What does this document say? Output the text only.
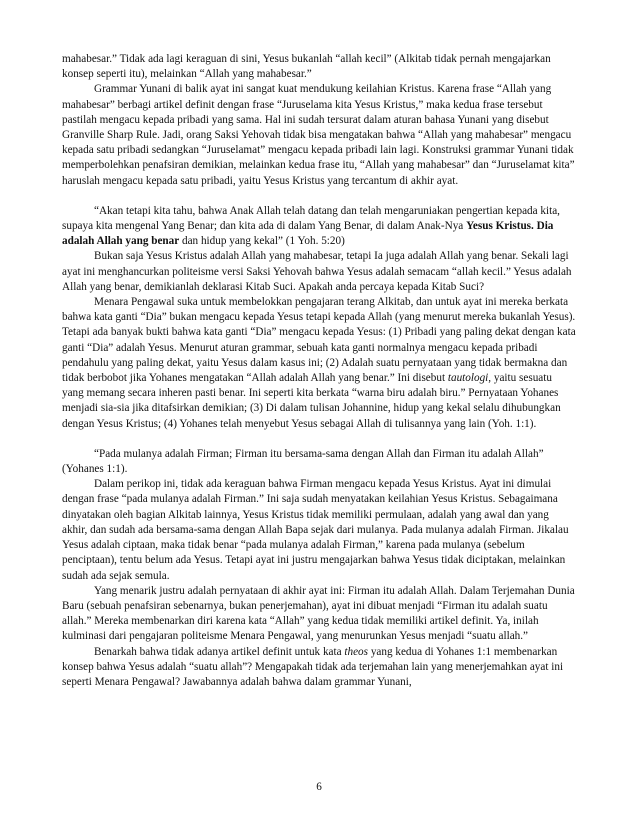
mahabesar.” Tidak ada lagi keraguan di sini, Yesus bukanlah “allah kecil” (Alkitab tidak pernah mengajarkan konsep seperti itu), melainkan “Allah yang mahabesar.”

Grammar Yunani di balik ayat ini sangat kuat mendukung keilahian Kristus. Karena frase “Allah yang mahabesar” berbagi artikel definit dengan frase “Juruselama kita Yesus Kristus,” maka kedua frase tersebut pastilah mengacu kepada pribadi yang sama. Hal ini sudah tersurat dalam aturan bahasa Yunani yang disebut Granville Sharp Rule. Jadi, orang Saksi Yehovah tidak bisa mengatakan bahwa “Allah yang mahabesar” mengacu kepada satu pribadi sedangkan “Juruselamat” mengacu kepada pribadi lain lagi. Konstruksi grammar Yunani tidak memperbolehkan penafsiran demikian, melainkan kedua frase itu, “Allah yang mahabesar” dan “Juruselamat kita” haruslah mengacu kepada satu pribadi, yaitu Yesus Kristus yang tercantum di akhir ayat.

“Akan tetapi kita tahu, bahwa Anak Allah telah datang dan telah mengaruniakan pengertian kepada kita, supaya kita mengenal Yang Benar; dan kita ada di dalam Yang Benar, di dalam Anak-Nya Yesus Kristus. Dia adalah Allah yang benar dan hidup yang kekal” (1 Yoh. 5:20)

Bukan saja Yesus Kristus adalah Allah yang mahabesar, tetapi Ia juga adalah Allah yang benar. Sekali lagi ayat ini menghancurkan politeisme versi Saksi Yehovah bahwa Yesus adalah semacam “allah kecil.” Yesus adalah Allah yang benar, demikianlah deklarasi Kitab Suci. Apakah anda percaya kepada Kitab Suci?

Menara Pengawal suka untuk membelokkan pengajaran terang Alkitab, dan untuk ayat ini mereka berkata bahwa kata ganti “Dia” bukan mengacu kepada Yesus tetapi kepada Allah (yang menurut mereka bukanlah Yesus). Tetapi ada banyak bukti bahwa kata ganti “Dia” mengacu kepada Yesus: (1) Pribadi yang paling dekat dengan kata ganti “Dia” adalah Yesus. Menurut aturan grammar, sebuah kata ganti normalnya mengacu kepada pribadi pendahulu yang paling dekat, yaitu Yesus dalam kasus ini; (2) Adalah suatu pernyataan yang tidak bermakna dan tidak berbobot jika Yohanes mengatakan “Allah adalah Allah yang benar.” Ini disebut tautologi, yaitu sesuatu yang memang secara inheren pasti benar. Ini seperti kita berkata “warna biru adalah biru.” Pernyataan Yohanes menjadi sia-sia jika ditafsirkan demikian; (3) Di dalam tulisan Johannine, hidup yang kekal selalu dihubungkan dengan Yesus Kristus; (4) Yohanes telah menyebut Yesus sebagai Allah di tulisannya yang lain (Yoh. 1:1).

“Pada mulanya adalah Firman; Firman itu bersama-sama dengan Allah dan Firman itu adalah Allah” (Yohanes 1:1).

Dalam perikop ini, tidak ada keraguan bahwa Firman mengacu kepada Yesus Kristus. Ayat ini dimulai dengan frase “pada mulanya adalah Firman.” Ini saja sudah menyatakan keilahian Yesus Kristus. Sebagaimana dinyatakan oleh bagian Alkitab lainnya, Yesus Kristus tidak memiliki permulaan, adalah yang awal dan yang akhir, dan sudah ada bersama-sama dengan Allah Bapa sejak dari mulanya. Pada mulanya adalah Firman. Jikalau Yesus adalah ciptaan, maka tidak benar “pada mulanya adalah Firman,” karena pada mulanya (sebelum penciptaan), tentu belum ada Yesus. Tetapi ayat ini justru mengajarkan bahwa Yesus tidak diciptakan, melainkan sudah ada sejak semula.

Yang menarik justru adalah pernyataan di akhir ayat ini: Firman itu adalah Allah. Dalam Terjemahan Dunia Baru (sebuah penafsiran sebenarnya, bukan penerjemahan), ayat ini dibuat menjadi “Firman itu adalah suatu allah.” Mereka membenarkan diri karena kata “Allah” yang kedua tidak memiliki artikel definit. Ya, inilah kulminasi dari pengajaran politeisme Menara Pengawal, yang menurunkan Yesus menjadi “suatu allah.”

Benarkah bahwa tidak adanya artikel definit untuk kata theos yang kedua di Yohanes 1:1 membenarkan konsep bahwa Yesus adalah “suatu allah”? Mengapakah tidak ada terjemahan lain yang menerjemahkan ayat ini seperti Menara Pengawal? Jawabannya adalah bahwa dalam grammar Yunani,

6
